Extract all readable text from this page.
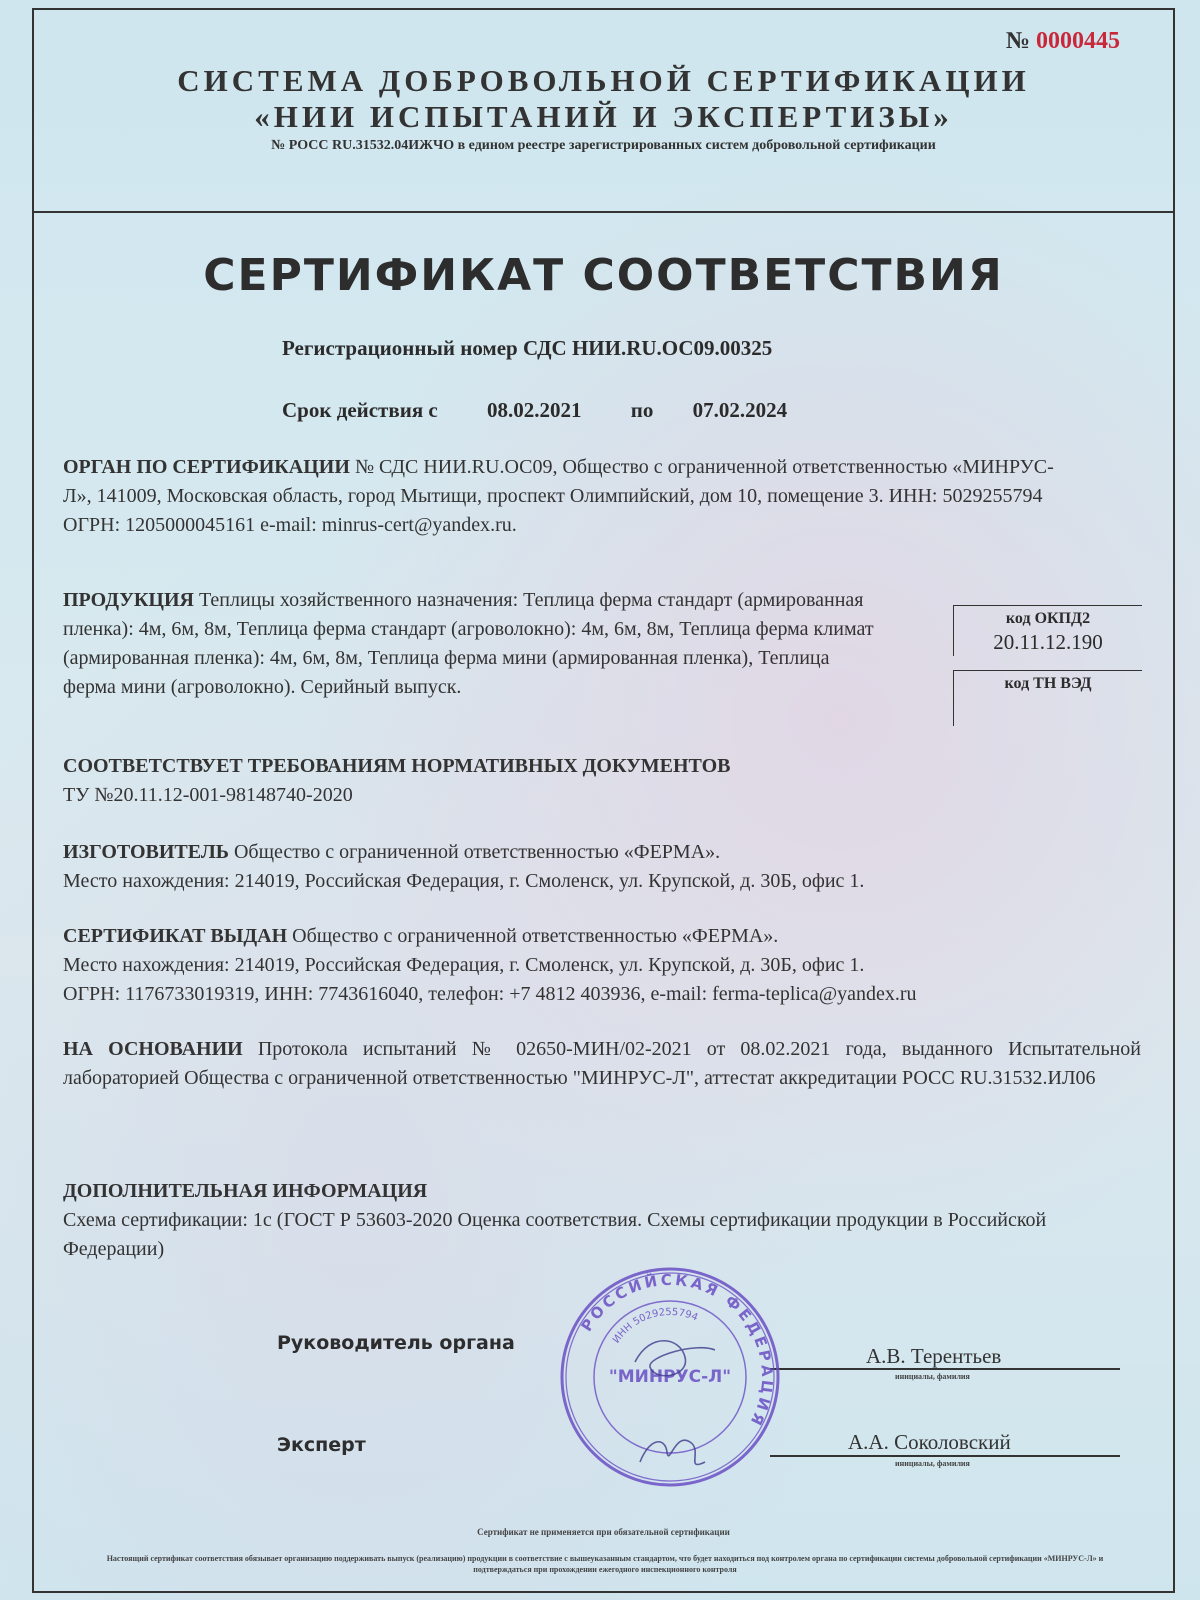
№ 0000445
СИСТЕМА ДОБРОВОЛЬНОЙ СЕРТИФИКАЦИИ
«НИИ ИСПЫТАНИЙ И ЭКСПЕРТИЗЫ»
№ РОСС RU.31532.04ИЖЧО в едином реестре зарегистрированных систем добровольной сертификации
СЕРТИФИКАТ СООТВЕТСТВИЯ
Регистрационный номер СДС НИИ.RU.ОС09.00325
Срок действия с 08.02.2021 по 07.02.2024
ОРГАН ПО СЕРТИФИКАЦИИ № СДС НИИ.RU.ОС09, Общество с ограниченной ответственностью «МИНРУС-Л», 141009, Московская область, город Мытищи, проспект Олимпийский, дом 10, помещение 3. ИНН: 5029255794 ОГРН: 1205000045161 e-mail: minrus-cert@yandex.ru.
ПРОДУКЦИЯ Теплицы хозяйственного назначения: Теплица ферма стандарт (армированная пленка): 4м, 6м, 8м, Теплица ферма стандарт (агроволокно): 4м, 6м, 8м, Теплица ферма климат (армированная пленка): 4м, 6м, 8м, Теплица ферма мини (армированная пленка), Теплица ферма мини (агроволокно). Серийный выпуск.
код ОКПД2
20.11.12.190
код ТН ВЭД
СООТВЕТСТВУЕТ ТРЕБОВАНИЯМ НОРМАТИВНЫХ ДОКУМЕНТОВ
ТУ №20.11.12-001-98148740-2020
ИЗГОТОВИТЕЛЬ Общество с ограниченной ответственностью «ФЕРМА».
Место нахождения: 214019, Российская Федерация, г. Смоленск, ул. Крупской, д. 30Б, офис 1.
СЕРТИФИКАТ ВЫДАН Общество с ограниченной ответственностью «ФЕРМА».
Место нахождения: 214019, Российская Федерация, г. Смоленск, ул. Крупской, д. 30Б, офис 1.
ОГРН: 1176733019319, ИНН: 7743616040, телефон: +7 4812 403936, e-mail: ferma-teplica@yandex.ru
НА ОСНОВАНИИ Протокола испытаний № 02650-МИН/02-2021 от 08.02.2021 года, выданного Испытательной лабораторией Общества с ограниченной ответственностью "МИНРУС-Л", аттестат аккредитации РОСС RU.31532.ИЛ06
ДОПОЛНИТЕЛЬНАЯ ИНФОРМАЦИЯ
Схема сертификации: 1с (ГОСТ Р 53603-2020 Оценка соответствия. Схемы сертификации продукции в Российской Федерации)
Руководитель органа
А.В. Терентьев
инициалы, фамилия
Эксперт	А.А. Соколовский
инициалы, фамилия
РОССИЙСКАЯ ФЕДЕРАЦИЯ
ИНН 5029255794
"МИНРУС-Л"
Сертификат не применяется при обязательной сертификации
Настоящий сертификат соответствия обязывает организацию поддерживать выпуск (реализацию) продукции в соответствие с вышеуказанным стандартом, что будет находиться под контролем органа по сертификации системы добровольной сертификации «МИНРУС-Л» и подтверждаться при прохождении ежегодного инспекционного контроля
